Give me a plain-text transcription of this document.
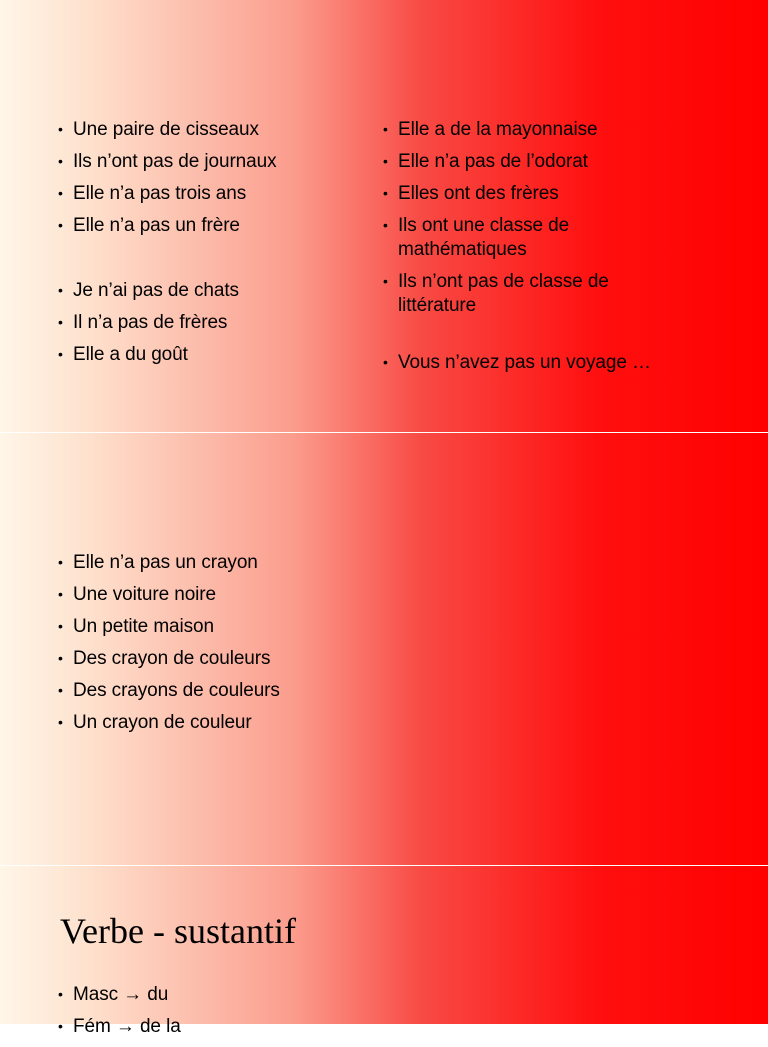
• Une paire de cisseaux
• Ils n’ont pas de journaux
• Elle n’a pas trois ans
• Elle n’a pas un frère
• Je n’ai pas de chats
• Il n’a pas de frères
• Elle a du goût
• Elle a de la mayonnaise
• Elle n’a pas de l’odorat
• Elles ont des frères
• Ils ont une classe de mathématiques
• Ils n’ont pas de classe de littérature
• Vous n’avez pas un voyage …
• Elle n’a pas un crayon
• Une voiture noire
• Un petite maison
• Des crayon de couleurs
• Des crayons de couleurs
• Un crayon de couleur
Verbe - sustantif
• Masc → du
• Fém → de la
